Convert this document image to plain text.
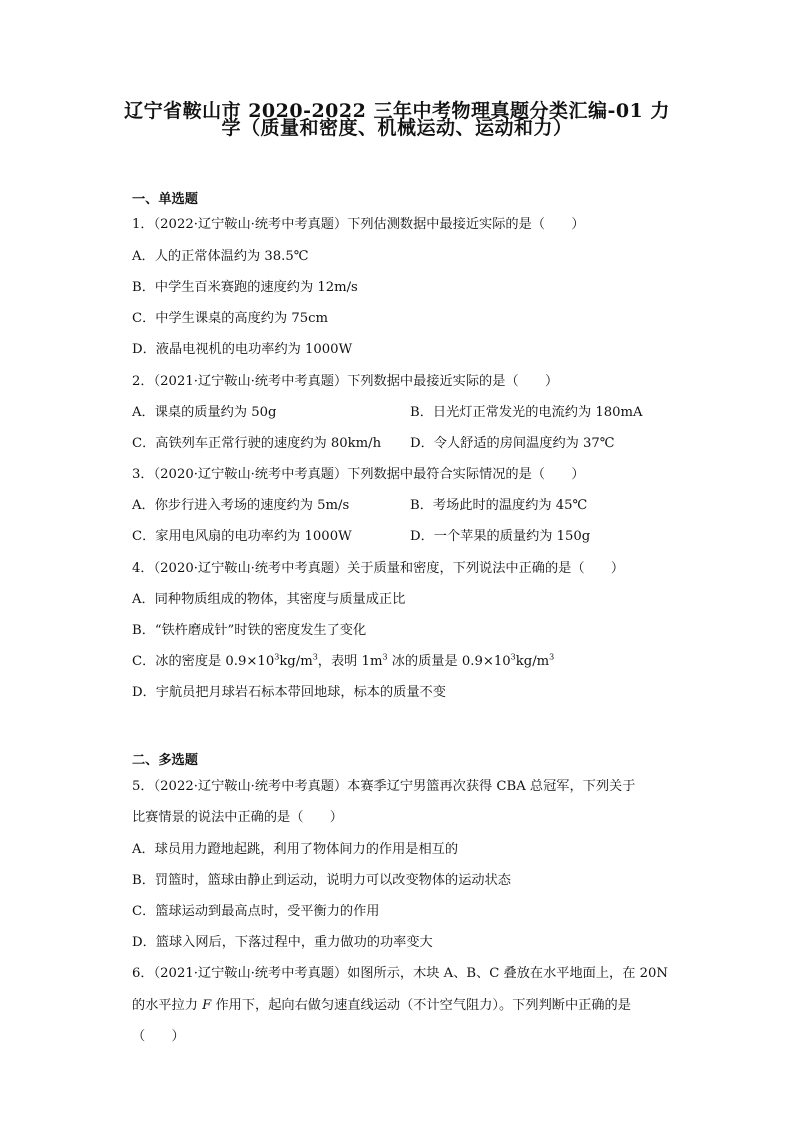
辽宁省鞍山市 2020-2022 三年中考物理真题分类汇编-01 力
学（质量和密度、机械运动、运动和力）
一、单选题
1．（2022·辽宁鞍山·统考中考真题）下列估测数据中最接近实际的是（　　）
A．人的正常体温约为 38.5℃
B．中学生百米赛跑的速度约为 12m/s
C．中学生课桌的高度约为 75cm
D．液晶电视机的电功率约为 1000W
2．（2021·辽宁鞍山·统考中考真题）下列数据中最接近实际的是（　　）
A．课桌的质量约为 50g	B．日光灯正常发光的电流约为 180mA
C．高铁列车正常行驶的速度约为 80km/h D．令人舒适的房间温度约为 37℃
3．（2020·辽宁鞍山·统考中考真题）下列数据中最符合实际情况的是（　　）
A．你步行进入考场的速度约为 5m/s	B．考场此时的温度约为 45℃
C．家用电风扇的电功率约为 1000W	D．一个苹果的质量约为 150g
4．（2020·辽宁鞍山·统考中考真题）关于质量和密度，下列说法中正确的是（　　）
A．同种物质组成的物体，其密度与质量成正比
B．“铁杵磨成针”时铁的密度发生了变化
C．冰的密度是 $0.9\times 10^3kg/m^3$，表明 $1m^3$ 冰的质量是 $0.9\times 10^3kg/m^3$
D．宇航员把月球岩石标本带回地球，标本的质量不变
二、多选题
5．（2022·辽宁鞍山·统考中考真题）本赛季辽宁男篮再次获得 CBA 总冠军，下列关于
比赛情景的说法中正确的是（　　）
A．球员用力蹬地起跳，利用了物体间力的作用是相互的
B．罚篮时，篮球由静止到运动，说明力可以改变物体的运动状态
C．篮球运动到最高点时，受平衡力的作用
D．篮球入网后，下落过程中，重力做功的功率变大
6．（2021·辽宁鞍山·统考中考真题）如图所示，木块 A、B、C 叠放在水平地面上，在 20N
的水平拉力 F 作用下，起向右做匀速直线运动（不计空气阻力）。下列判断中正确的是
（　　）
